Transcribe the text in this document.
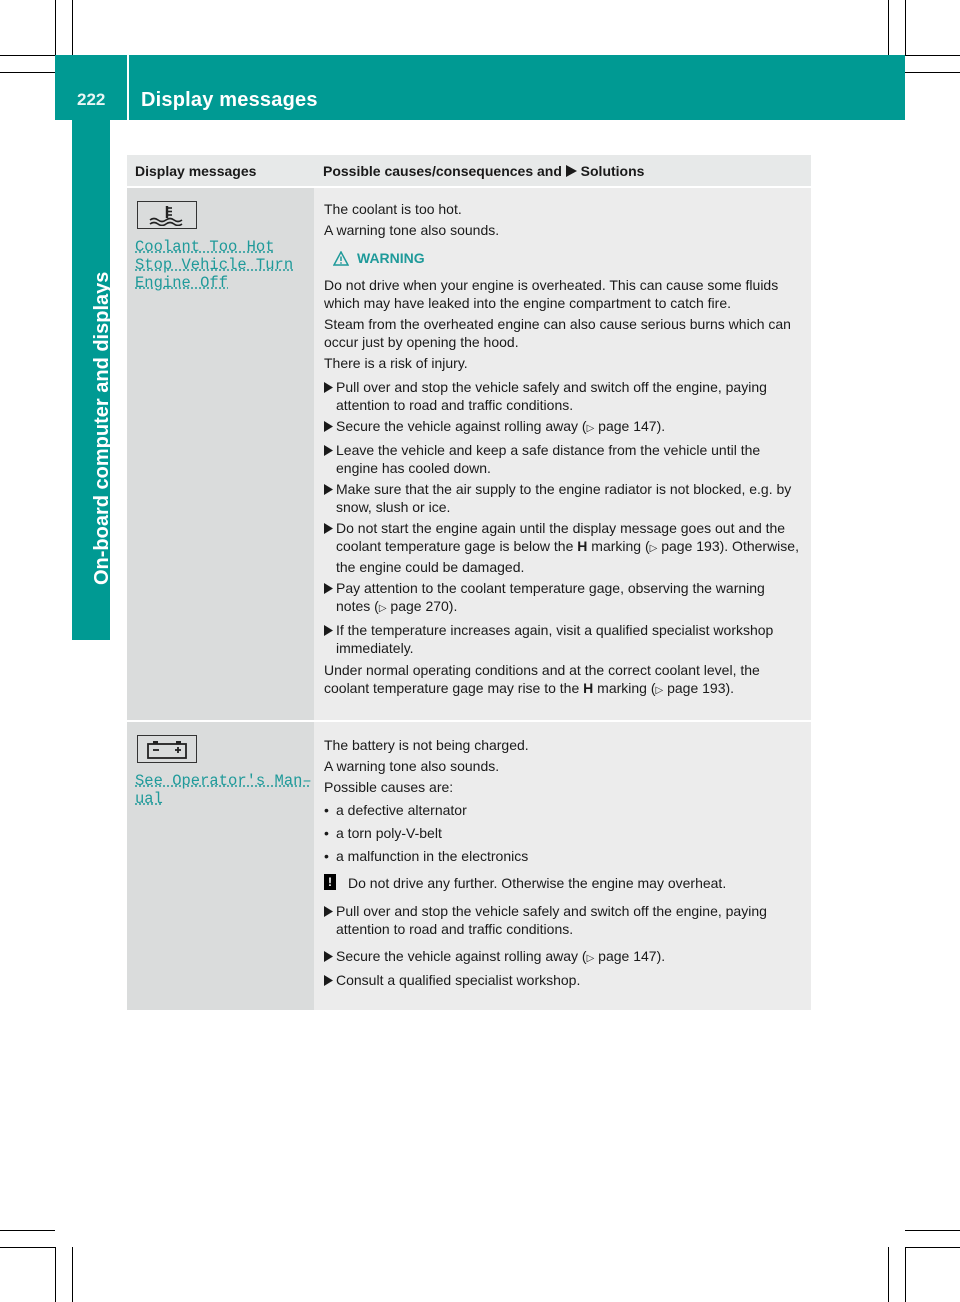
222 Display messages
On-board computer and displays
Display messages	Possible causes/consequences and  Solutions
Coolant Too Hot
Stop Vehicle Turn
Engine Off

The coolant is too hot.

A warning tone also sounds.

WARNING

Do not drive when your engine is overheated. This can cause some fluids which may have leaked into the engine compartment to catch fire.

Steam from the overheated engine can also cause serious burns which can occur just by opening the hood.

There is a risk of injury.

Pull over and stop the vehicle safely and switch off the engine, paying attention to road and traffic conditions.
Secure the vehicle against rolling away (▷ page 147).
Leave the vehicle and keep a safe distance from the vehicle until the engine has cooled down.
Make sure that the air supply to the engine radiator is not blocked, e.g. by snow, slush or ice.
Do not start the engine again until the display message goes out and the coolant temperature gage is below the H marking (▷ page 193). Otherwise, the engine could be damaged.
Pay attention to the coolant temperature gage, observing the warning notes (▷ page 270).
If the temperature increases again, visit a qualified specialist workshop immediately.

Under normal operating conditions and at the correct coolant level, the coolant temperature gage may rise to the H marking (▷ page 193).

See Operator's Man–
ual

The battery is not being charged.

A warning tone also sounds.

Possible causes are:

• a defective alternator
• a torn poly-V-belt
• a malfunction in the electronics
! Do not drive any further. Otherwise the engine may overheat.
Pull over and stop the vehicle safely and switch off the engine, paying attention to road and traffic conditions.
Secure the vehicle against rolling away (▷ page 147).
Consult a qualified specialist workshop.
